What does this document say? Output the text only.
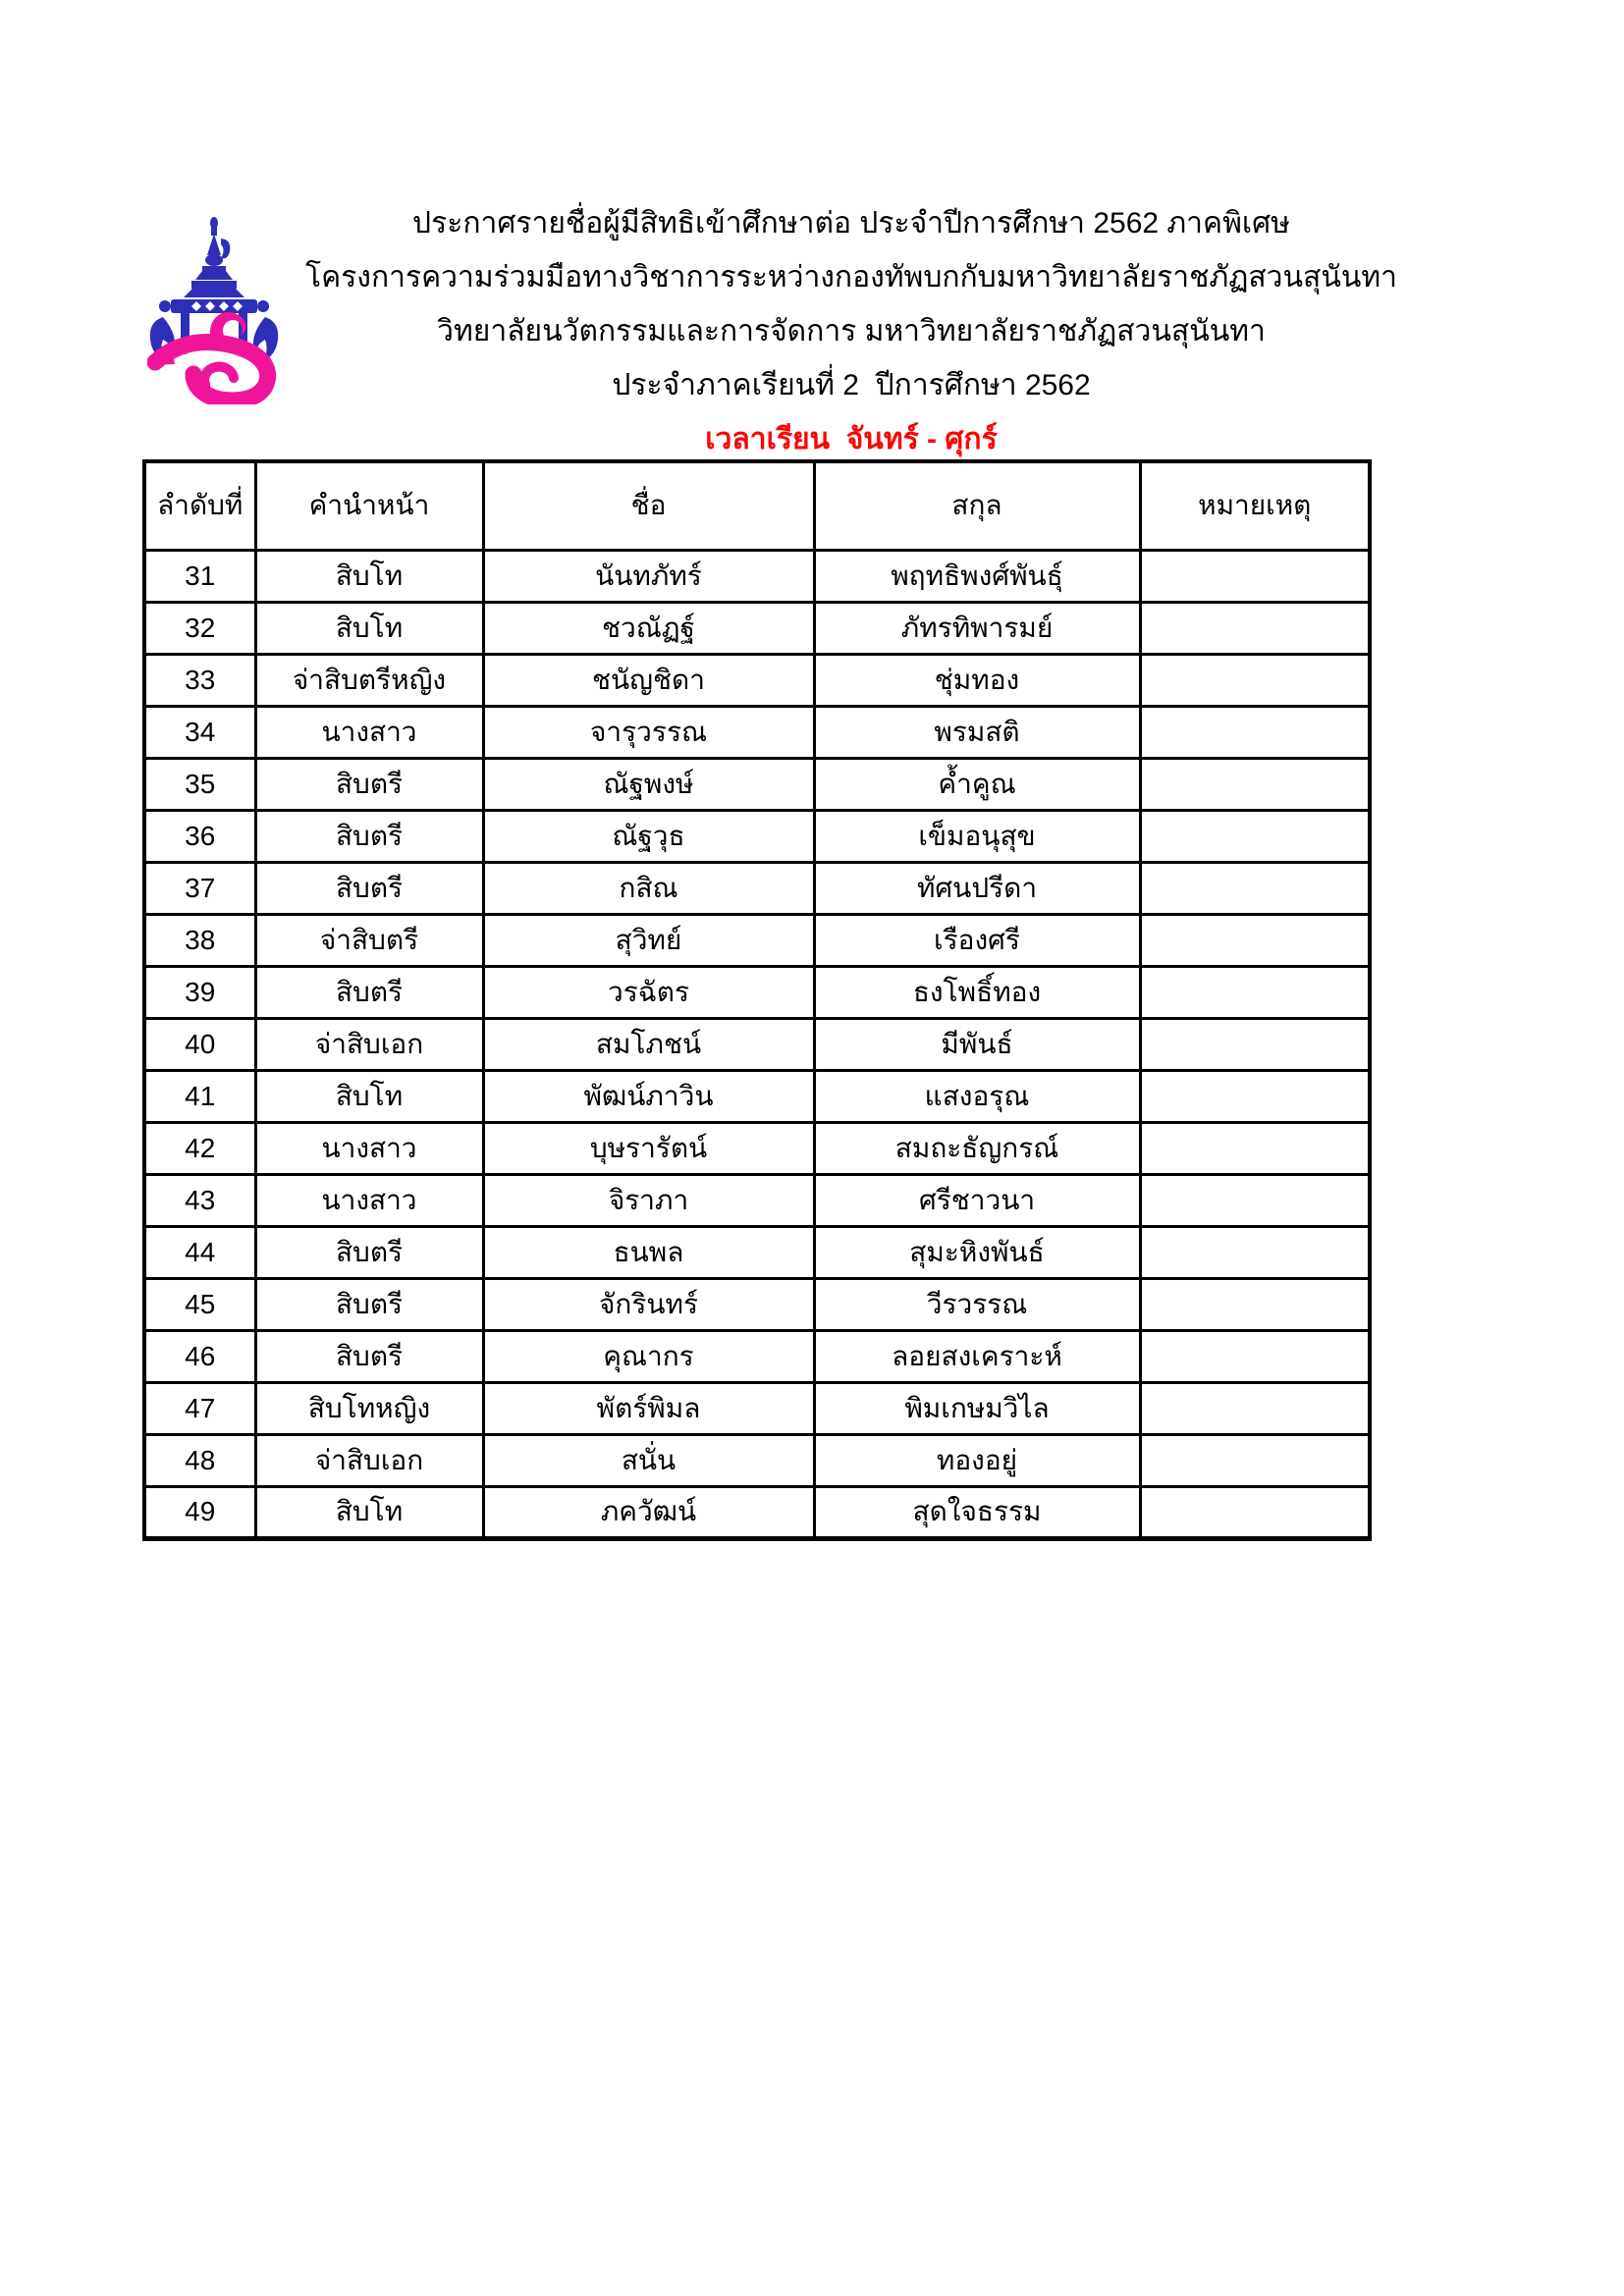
ประกาศรายชื่อผู้มีสิทธิเข้าศึกษาต่อ ประจำปีการศึกษา 2562 ภาคพิเศษ
โครงการความร่วมมือทางวิชาการระหว่างกองทัพบกกับมหาวิทยาลัยราชภัฏสวนสุนันทา
วิทยาลัยนวัตกรรมและการจัดการ มหาวิทยาลัยราชภัฏสวนสุนันทา
ประจำภาคเรียนที่ 2  ปีการศึกษา 2562
เวลาเรียน  จันทร์ - ศุกร์
ลำดับที่	คำนำหน้า	ชื่อ	สกุล	หมายเหตุ
31	สิบโท	นันทภัทร์	พฤทธิพงศ์พันธุ์	
32	สิบโท	ชวณัฏฐ์	ภัทรทิพารมย์	
33	จ่าสิบตรีหญิง	ชนัญชิดา	ชุ่มทอง	
34	นางสาว	จารุวรรณ	พรมสติ	
35	สิบตรี	ณัฐพงษ์	ค้ำคูณ	
36	สิบตรี	ณัฐวุธ	เข็มอนุสุข	
37	สิบตรี	กสิณ	ทัศนปรีดา	
38	จ่าสิบตรี	สุวิทย์	เรืองศรี	
39	สิบตรี	วรฉัตร	ธงโพธิ์ทอง	
40	จ่าสิบเอก	สมโภชน์	มีพันธ์	
41	สิบโท	พัฒน์ภาวิน	แสงอรุณ	
42	นางสาว	บุษรารัตน์	สมถะธัญกรณ์	
43	นางสาว	จิราภา	ศรีชาวนา	
44	สิบตรี	ธนพล	สุมะหิงพันธ์	
45	สิบตรี	จักรินทร์	วีรวรรณ	
46	สิบตรี	คุณากร	ลอยสงเคราะห์	
47	สิบโทหญิง	พัตร์พิมล	พิมเกษมวิไล	
48	จ่าสิบเอก	สนั่น	ทองอยู่	
49	สิบโท	ภควัฒน์	สุดใจธรรม	
